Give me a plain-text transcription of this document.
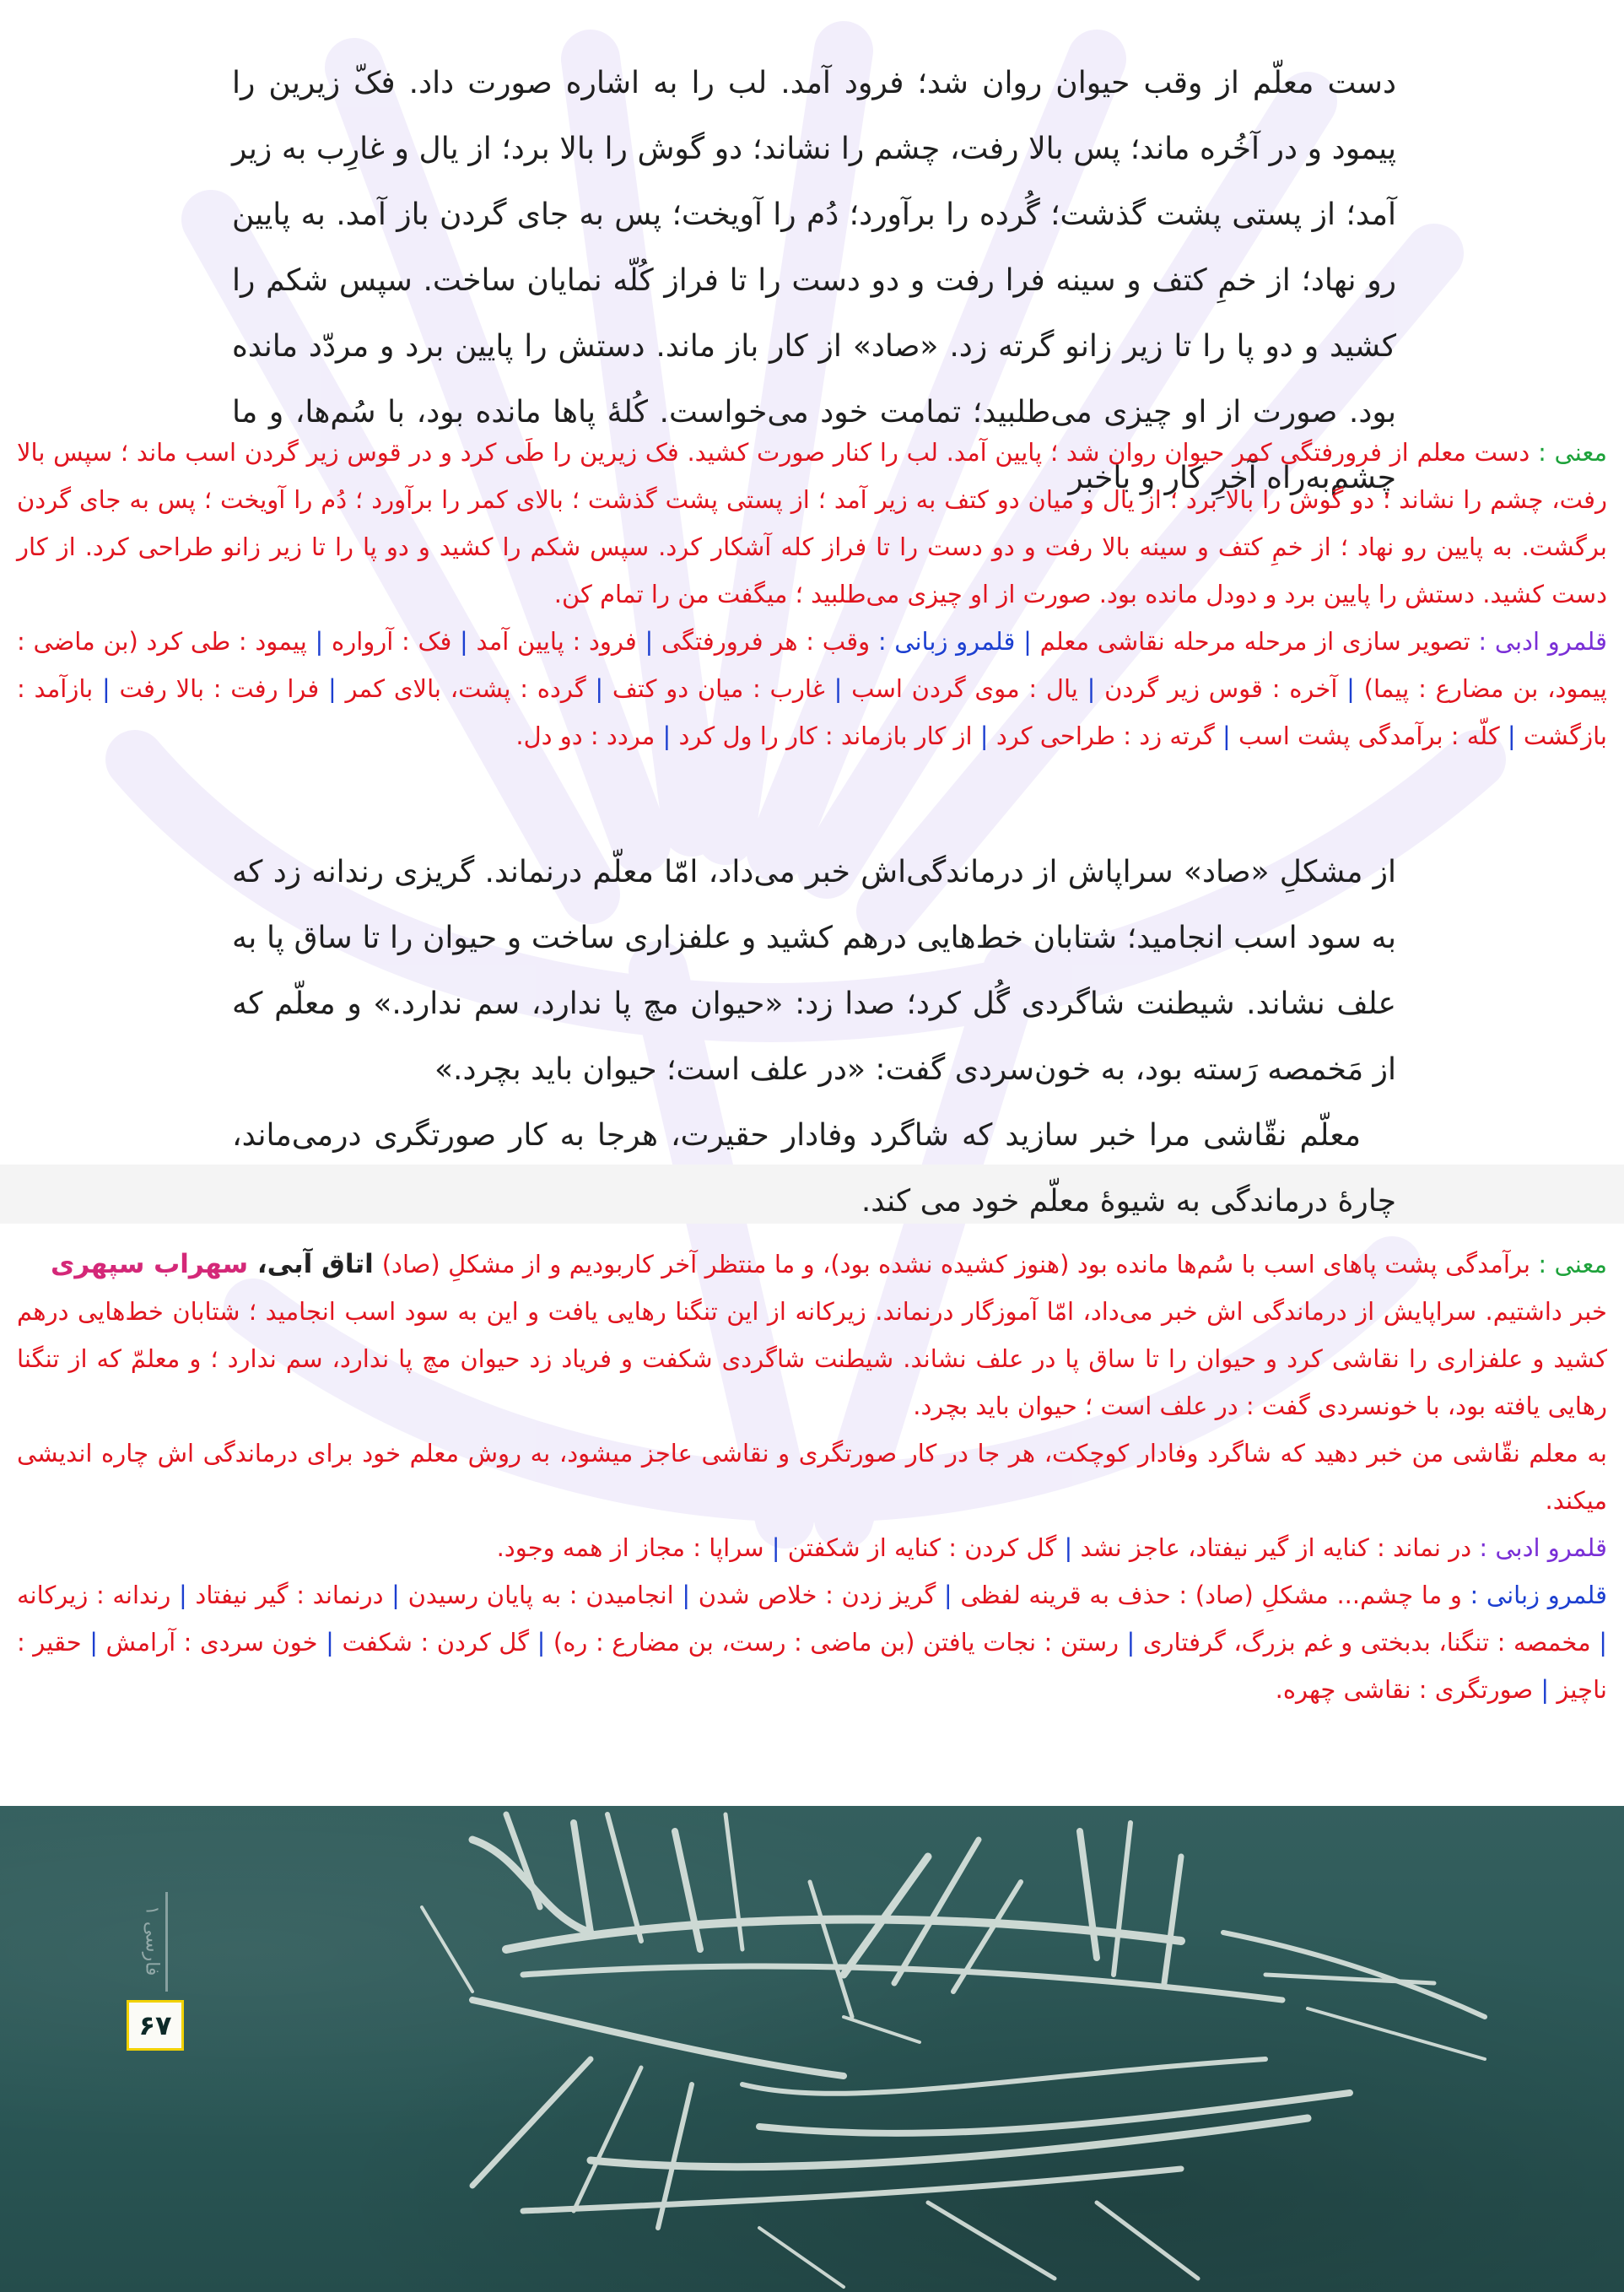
دست معلّم از وقب حیوان روان شد؛ فرود آمد. لب را به اشاره صورت داد. فکّ زیرین را پیمود و در آخُره ماند؛ پس بالا رفت، چشم را نشاند؛ دو گوش را بالا برد؛ از یال و غارِب به زیر آمد؛ از پستی پشت گذشت؛ گُرده را برآورد؛ دُم را آویخت؛ پس به جای گردن باز آمد. به پایین رو نهاد؛ از خمِ کتف و سینه فرا رفت و دو دست را تا فراز کُلّه نمایان ساخت. سپس شکم را کشید و دو پا را تا زیر زانو گرته زد. «صاد» از کار باز ماند. دستش را پایین برد و مردّد مانده بود. صورت از او چیزی می‌طلبید؛ تمامت خود می‌خواست. کُلهٔ پاها مانده بود، با سُم‌ها، و ما چشم‌به‌راه آخرِ کار و باخبر

معنی : دست معلم از فرورفتگی کمر حیوان روان شد ؛ پایین آمد. لب را کنار صورت کشید. فک زیرین را طَی کرد و در قوس زیر گردن اسب ماند ؛ سپس بالا رفت، چشم را نشاند ؛ دو گوش را بالا برد ؛ از یال و میان دو کتف به زیر آمد ؛ از پستی پشت گذشت ؛ بالای کمر را برآورد ؛ دُم را آویخت ؛ پس به جای گردن برگشت. به پایین رو نهاد ؛ از خمِ کتف و سینه بالا رفت و دو دست را تا فراز کله آشکار کرد. سپس شکم را کشید و دو پا را تا زیر زانو طراحی کرد. از کار دست کشید. دستش را پایین برد و دودل مانده بود. صورت از او چیزی می‌طلبید ؛ میگفت من را تمام کن.

قلمرو ادبی : تصویر سازی از مرحله مرحله نقاشی معلم | قلمرو زبانی : وقب : هر فرورفتگی | فرود : پایین آمد | فک : آرواره | پیمود : طی کرد (بن ماضی : پیمود، بن مضارع : پیما) | آخره : قوس زیر گردن | یال : موی گردن اسب | غارب : میان دو کتف | گرده : پشت، بالای کمر | فرا رفت : بالا رفت | بازآمد : بازگشت | کلّه : برآمدگی پشت اسب | گرته زد : طراحی کرد | از کار بازماند : کار را ول کرد | مردد : دو دل.

از مشکلِ «صاد» سراپاش از درماندگی‌اش خبر می‌داد، امّا معلّم درنماند. گریزی رندانه زد که به سود اسب انجامید؛ شتابان خط‌هایی درهم کشید و علفزاری ساخت و حیوان را تا ساق پا به علف نشاند. شیطنت شاگردی گُل کرد؛ صدا زد: «حیوان مچ پا ندارد، سم ندارد.» و معلّم که از مَخمصه رَسته بود، به خون‌سردی گفت: «در علف است؛ حیوان باید بچرد.»

معلّم نقّاشی مرا خبر سازید که شاگرد وفادار حقیرت، هرجا به کار صورتگری درمی‌ماند، چارهٔ درماندگی به شیوهٔ معلّم خود می کند.

اتاق آبی، سهراب سپهری	معنی : برآمدگی پشت پاهای اسب با سُم‌ها مانده بود (هنوز کشیده نشده بود)، و ما منتظر آخر کاربودیم و از مشکلِ (صاد) خبر داشتیم. سراپایش از درماندگی اش خبر می‌داد، امّا آموزگار درنماند. زیرکانه از این تنگنا رهایی یافت و این به سود اسب انجامید ؛ شتابان خط‌هایی درهم کشید و علفزاری را نقاشی کرد و حیوان را تا ساق پا در علف نشاند. شیطنت شاگردی شکفت و فریاد زد حیوان مچ پا ندارد، سم ندارد ؛ و معلمّ که از تنگنا رهایی یافته بود، با خونسردی گفت : در علف است ؛ حیوان باید بچرد.

به معلم نقّاشی من خبر دهید که شاگرد وفادار کوچکت، هر جا در کار صورتگری و نقاشی عاجز میشود، به روش معلم خود برای درماندگی اش چاره اندیشی میکند.

قلمرو ادبی : در نماند : کنایه از گیر نیفتاد، عاجز نشد | گل کردن : کنایه از شکفتن | سراپا : مجاز از همه وجود.

قلمرو زبانی : و ما چشم... مشکلِ (صاد) : حذف به قرینه لفظی | گریز زدن : خلاص شدن | انجامیدن : به پایان رسیدن | درنماند : گیر نیفتاد | رندانه : زیرکانه | مخمصه : تنگنا، بدبختی و غم بزرگ، گرفتاری | رستن : نجات یافتن (بن ماضی : رست، بن مضارع : ره) | گل کردن : شکفت | خون سردی : آرامش | حقیر : ناچیز | صورتگری : نقاشی چهره.

فارسی ۱
۶۷
